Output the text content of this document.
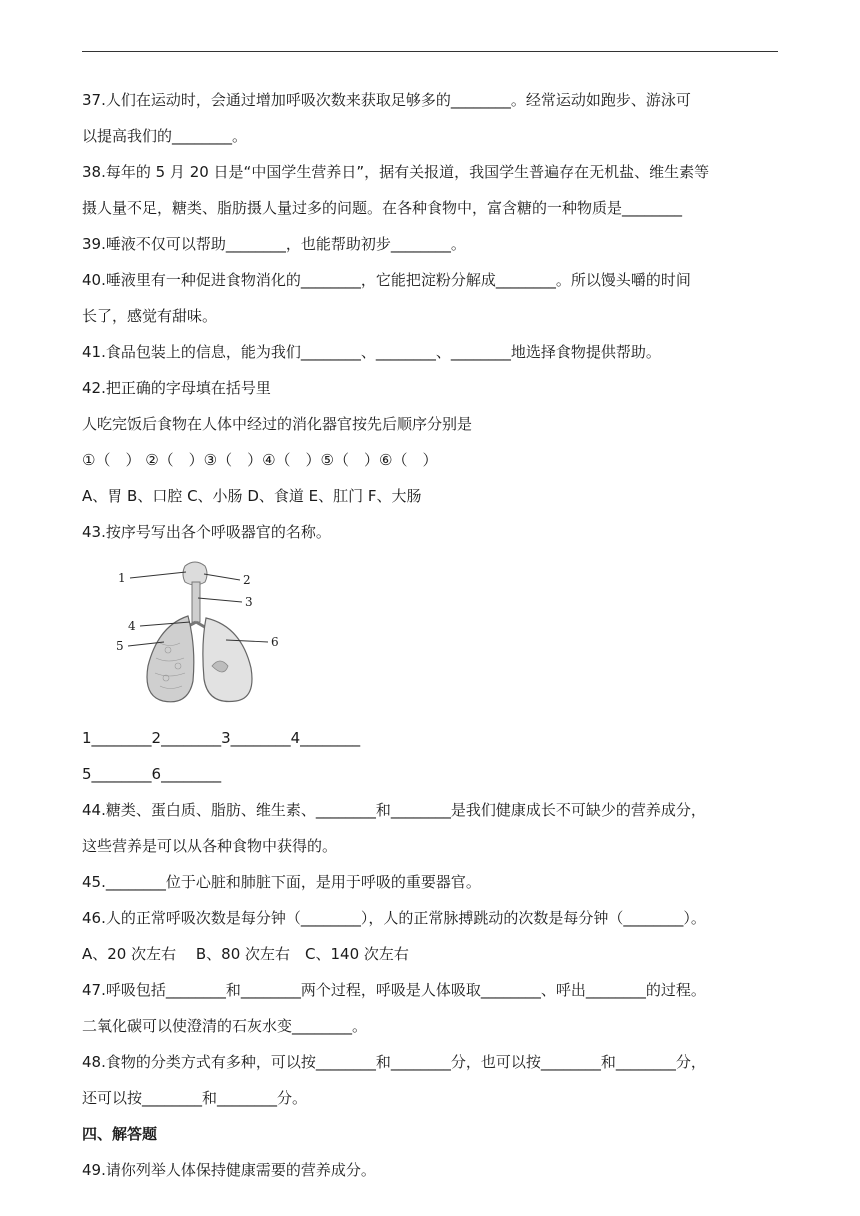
37.人们在运动时，会通过增加呼吸次数来获取足够多的________。经常运动如跑步、游泳可
以提高我们的________。
38.每年的 5 月 20 日是“中国学生营养日”，据有关报道，我国学生普遍存在无机盐、维生素等
摄人量不足，糖类、脂肪摄人量过多的问题。在各种食物中，富含糖的一种物质是________
39.唾液不仅可以帮助________，也能帮助初步________。
40.唾液里有一种促进食物消化的________，它能把淀粉分解成________。所以馒头嚼的时间
长了，感觉有甜味。
41.食品包装上的信息，能为我们________、________、________地选择食物提供帮助。
42.把正确的字母填在括号里
人吃完饭后食物在人体中经过的消化器官按先后顺序分别是
①（　） ②（　）③（　）④（　）⑤（　）⑥（　）
A、胃 B、口腔 C、小肠 D、食道 E、肛门 F、大肠
43.按序号写出各个呼吸器官的名称。
1	2
3
4
5	6
1________2________3________4________
5________6________
44.糖类、蛋白质、脂肪、维生素、________和________是我们健康成长不可缺少的营养成分，
这些营养是可以从各种食物中获得的。
45.________位于心脏和肺脏下面，是用于呼吸的重要器官。
46.人的正常呼吸次数是每分钟（________），人的正常脉搏跳动的次数是每分钟（________）。
A、20 次左右　 B、80 次左右　C、140 次左右
47.呼吸包括________和________两个过程，呼吸是人体吸取________、呼出________的过程。
二氧化碳可以使澄清的石灰水变________。
48.食物的分类方式有多种，可以按________和________分，也可以按________和________分，
还可以按________和________分。
四、解答题
49.请你列举人体保持健康需要的营养成分。
